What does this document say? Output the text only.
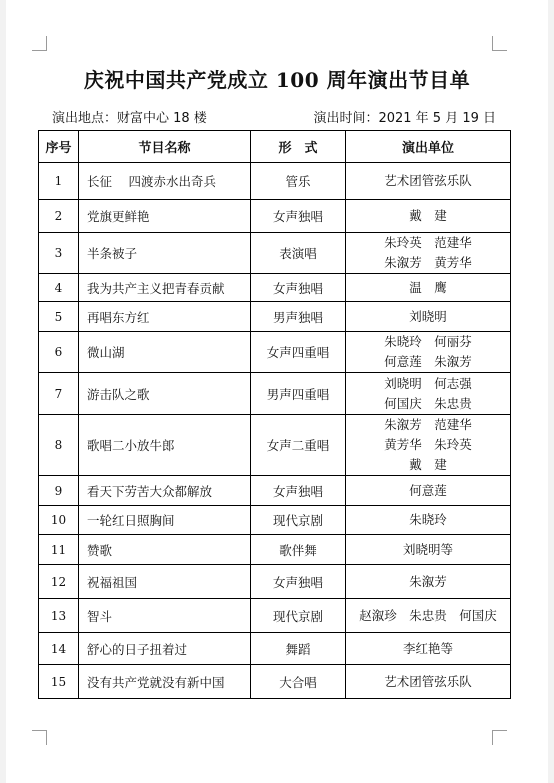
庆祝中国共产党成立 100 周年演出节目单
演出地点：财富中心 18 楼	演出时间：2021 年 5 月 19 日
序号	节目名称	形　式	演出单位
1	长征　 四渡赤水出奇兵	管乐	艺术团管弦乐队

2	党旗更鲜艳	女声独唱	戴　建

3	半条被子	表演唱	朱玲英　范建华
朱溆芳　黄芳华

4	我为共产主义把青春贡献	女声独唱	温　鹰

5	再唱东方红	男声独唱	刘晓明

6	微山湖	女声四重唱	朱晓玲　何丽芬
何意莲　朱溆芳

7	游击队之歌	男声四重唱	刘晓明　何志强
何国庆　朱忠贵

8	歌唱二小放牛郎	女声二重唱	朱溆芳　范建华
黄芳华　朱玲英
戴　建

9	看天下劳苦大众都解放	女声独唱	何意莲

10	一轮红日照胸间	现代京剧	朱晓玲

11	赞歌	歌伴舞	刘晓明等

12	祝福祖国	女声独唱	朱溆芳

13	智斗	现代京剧	赵溆珍　朱忠贵　何国庆

14	舒心的日子扭着过	舞蹈	李红艳等

15	没有共产党就没有新中国	大合唱	艺术团管弦乐队
